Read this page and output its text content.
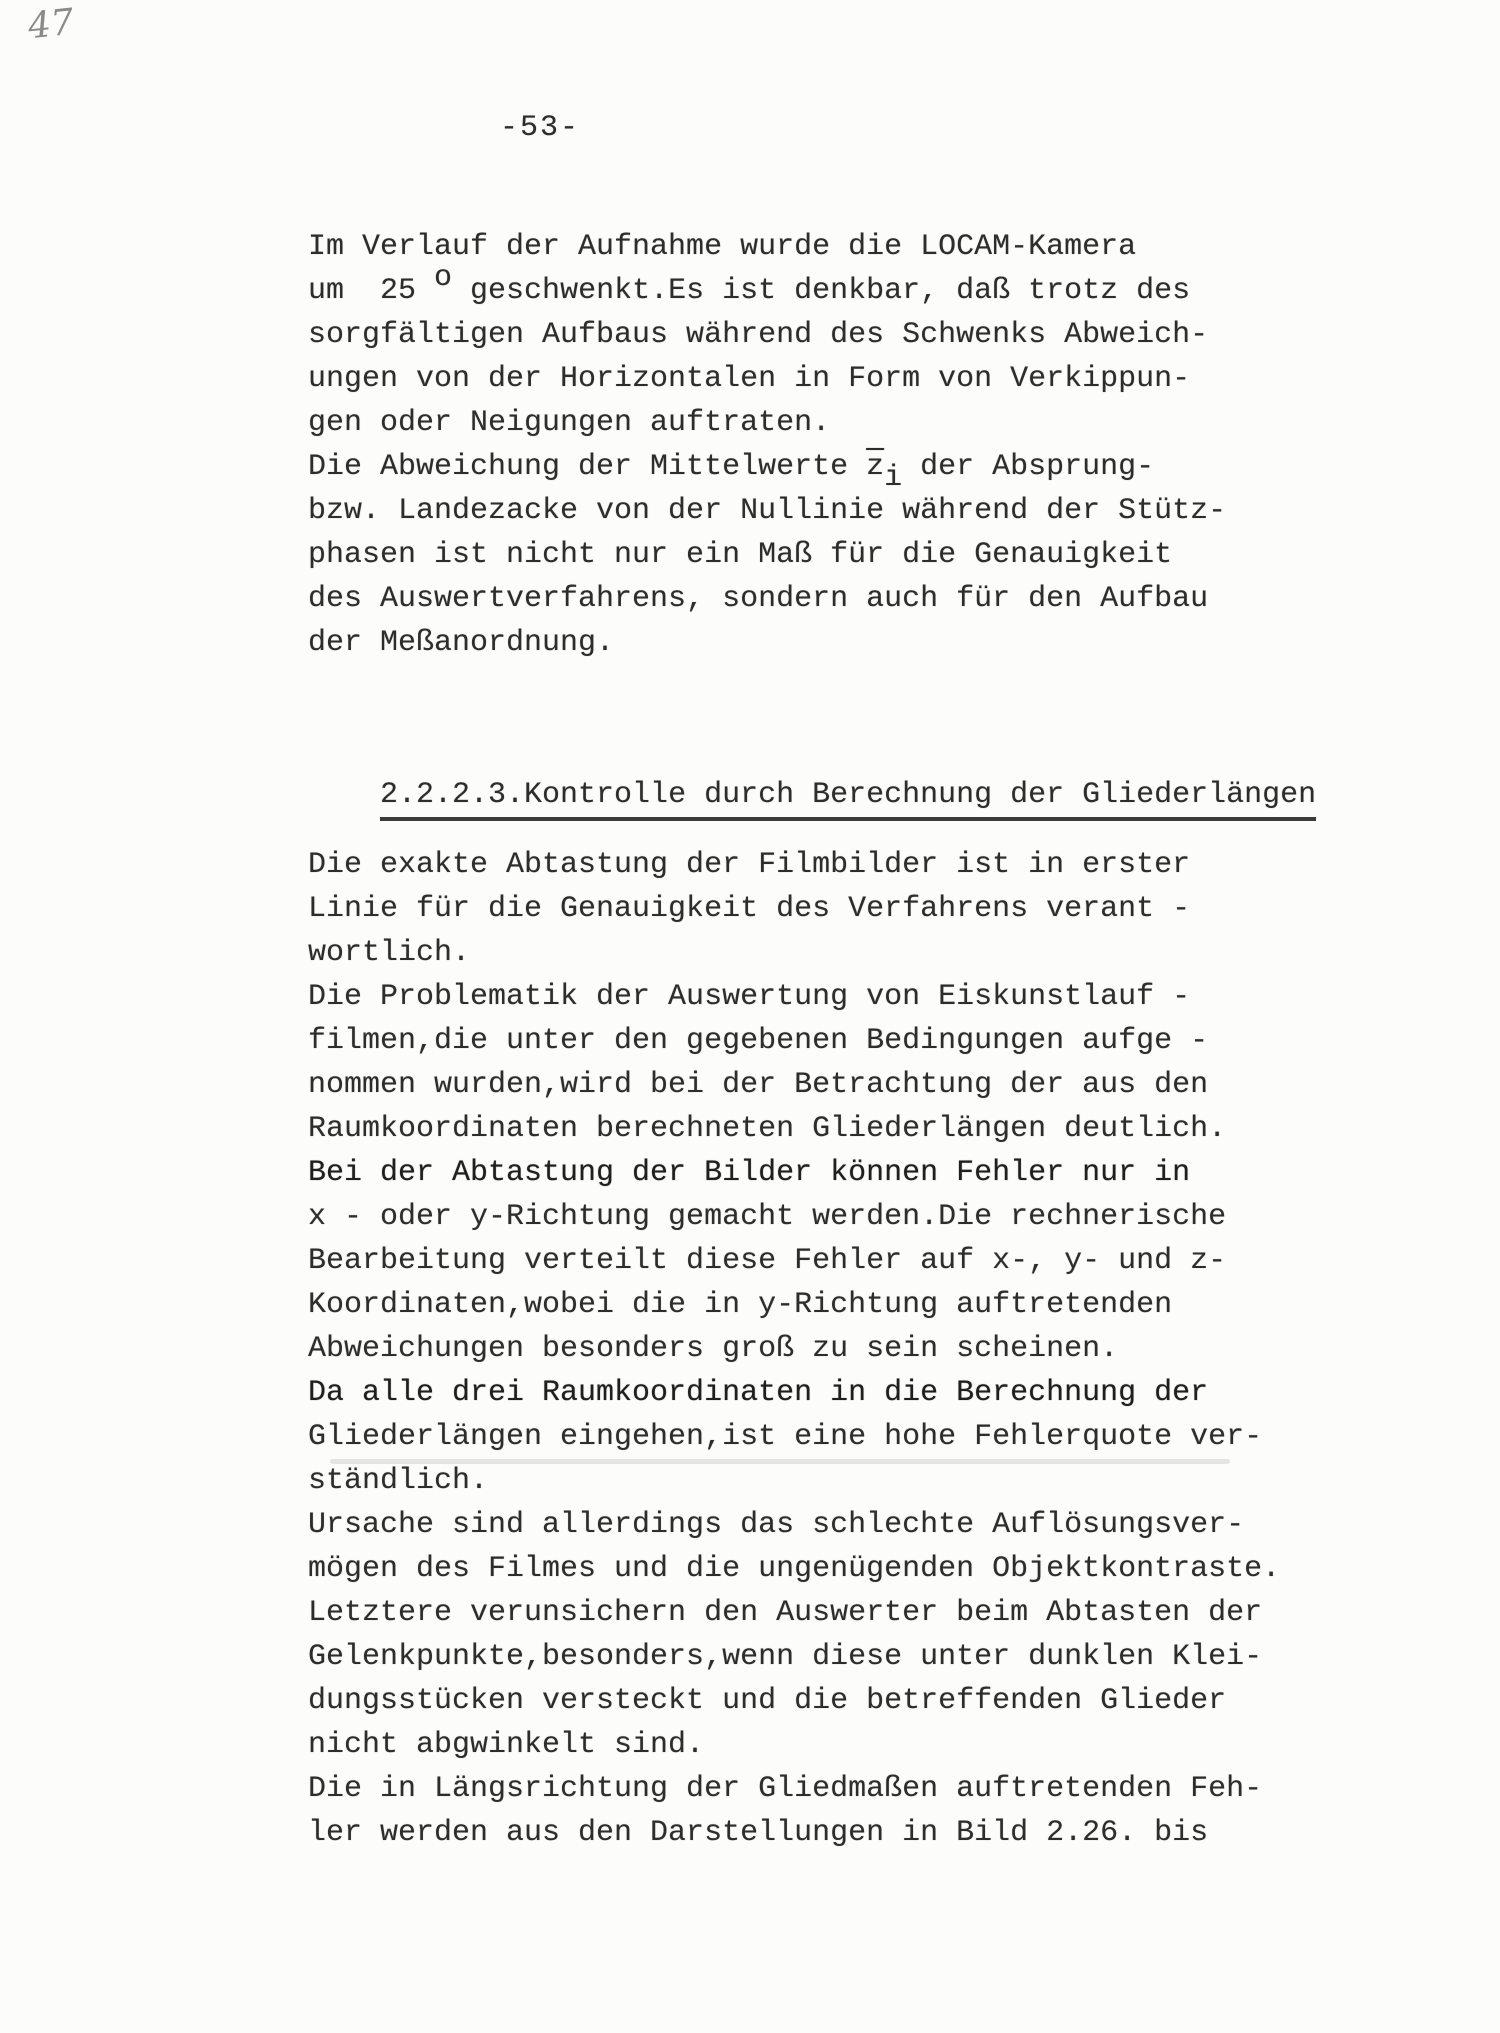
47
-53-
Im Verlauf der Aufnahme wurde die LOCAM-Kamera
um  25 o geschwenkt.Es ist denkbar, daß trotz des
sorgfältigen Aufbaus während des Schwenks Abweich-
ungen von der Horizontalen in Form von Verkippun-
gen oder Neigungen auftraten.
Die Abweichung der Mittelwerte $\overline{z}i$ der Absprung-
bzw. Landezacke von der Nullinie während der Stütz-
phasen ist nicht nur ein Maß für die Genauigkeit
des Auswertverfahrens, sondern auch für den Aufbau
der Meßanordnung.

2.2.2.3.Kontrolle durch Berechnung der Gliederlängen

Die exakte Abtastung der Filmbilder ist in erster
Linie für die Genauigkeit des Verfahrens verant -
wortlich.
Die Problematik der Auswertung von Eiskunstlauf -
filmen,die unter den gegebenen Bedingungen aufge -
nommen wurden,wird bei der Betrachtung der aus den
Raumkoordinaten berechneten Gliederlängen deutlich.
Bei der Abtastung der Bilder können Fehler nur in
x - oder y-Richtung gemacht werden.Die rechnerische
Bearbeitung verteilt diese Fehler auf x-, y- und z-
Koordinaten,wobei die in y-Richtung auftretenden
Abweichungen besonders groß zu sein scheinen.
Da alle drei Raumkoordinaten in die Berechnung der
Gliederlängen eingehen,ist eine hohe Fehlerquote ver-
ständlich.
Ursache sind allerdings das schlechte Auflösungsver-
mögen des Filmes und die ungenügenden Objektkontraste.
Letztere verunsichern den Auswerter beim Abtasten der
Gelenkpunkte,besonders,wenn diese unter dunklen Klei-
dungsstücken versteckt und die betreffenden Glieder
nicht abgwinkelt sind.
Die in Längsrichtung der Gliedmaßen auftretenden Feh-
ler werden aus den Darstellungen in Bild 2.26. bis
